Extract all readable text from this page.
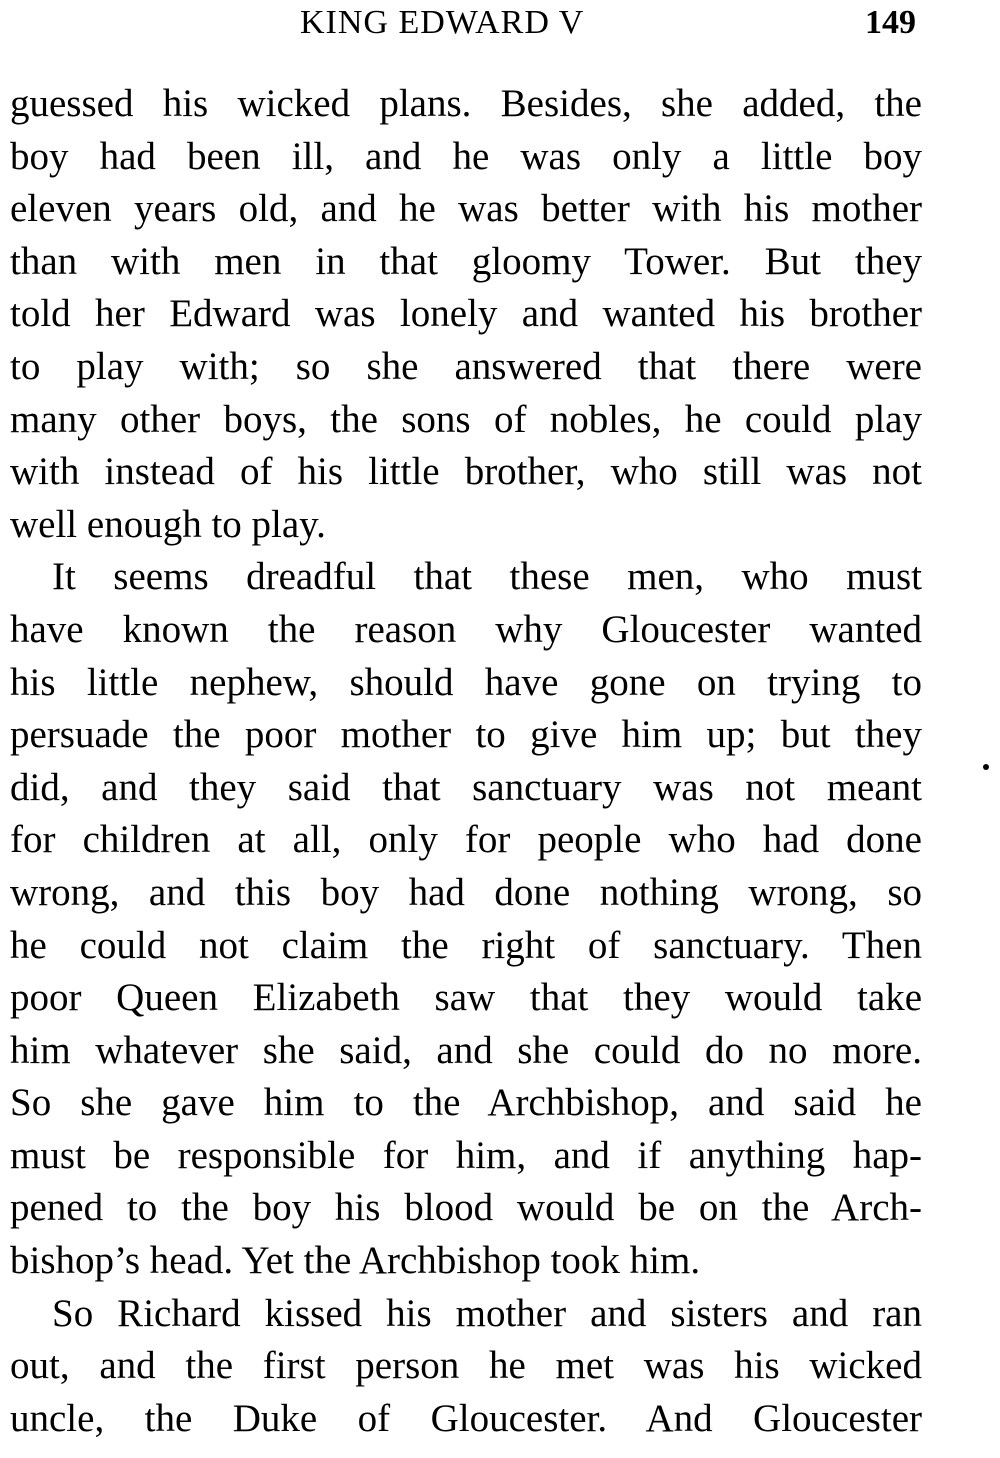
KING EDWARD V	149

guessed his wicked plans. Besides, she added, the
boy had been ill, and he was only a little boy
eleven years old, and he was better with his mother
than with men in that gloomy Tower. But they
told her Edward was lonely and wanted his brother
to play with; so she answered that there were
many other boys, the sons of nobles, he could play
with instead of his little brother, who still was not
well enough to play.

It seems dreadful that these men, who must
have known the reason why Gloucester wanted
his little nephew, should have gone on trying to
persuade the poor mother to give him up; but they
did, and they said that sanctuary was not meant
for children at all, only for people who had done
wrong, and this boy had done nothing wrong, so
he could not claim the right of sanctuary. Then
poor Queen Elizabeth saw that they would take
him whatever she said, and she could do no more.
So she gave him to the Archbishop, and said he
must be responsible for him, and if anything hap-
pened to the boy his blood would be on the Arch-
bishop’s head. Yet the Archbishop took him.

So Richard kissed his mother and sisters and ran
out, and the first person he met was his wicked
uncle, the Duke of Gloucester. And Gloucester
